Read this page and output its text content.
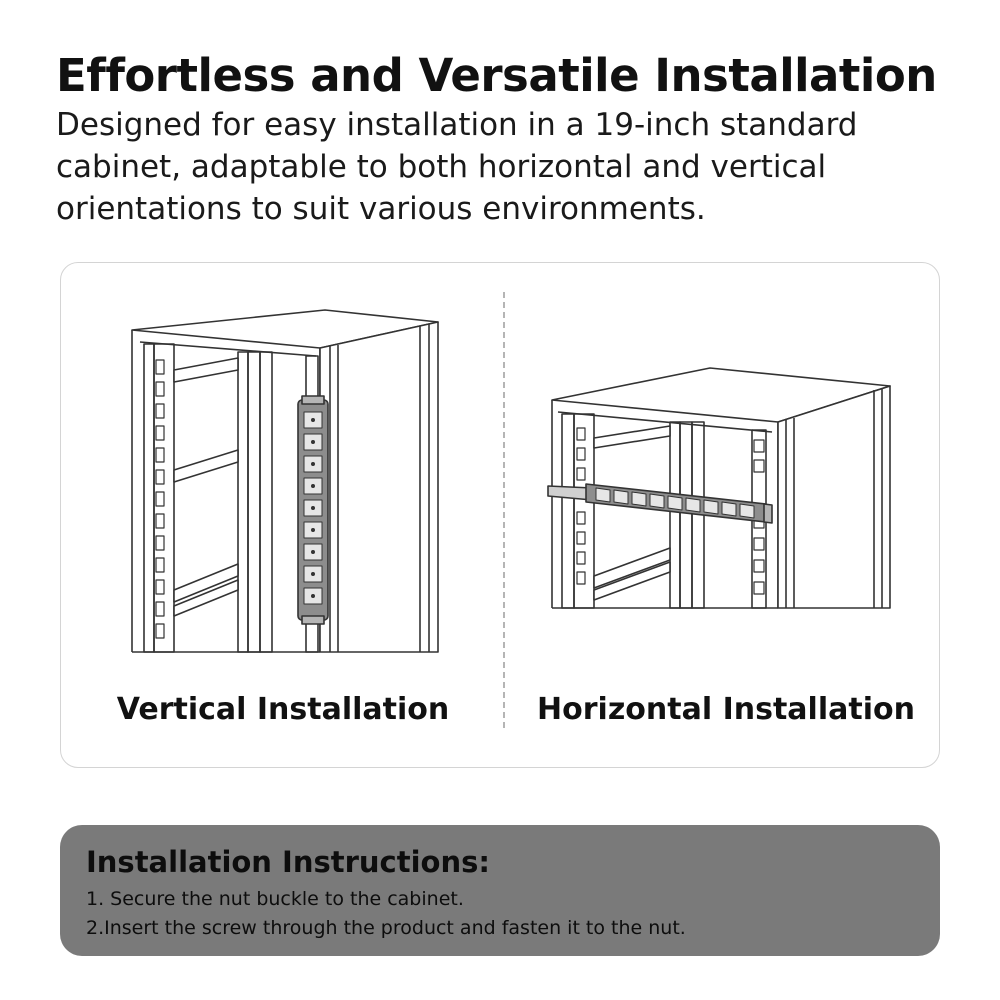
Effortless and Versatile Installation

Designed for easy installation in a 19-inch standard cabinet, adaptable to both horizontal and vertical orientations to suit various environments.

Vertical Installation	Horizontal Installation
Installation Instructions:
1. Secure the nut buckle to the cabinet.
2.Insert the screw through the product and fasten it to the nut.
